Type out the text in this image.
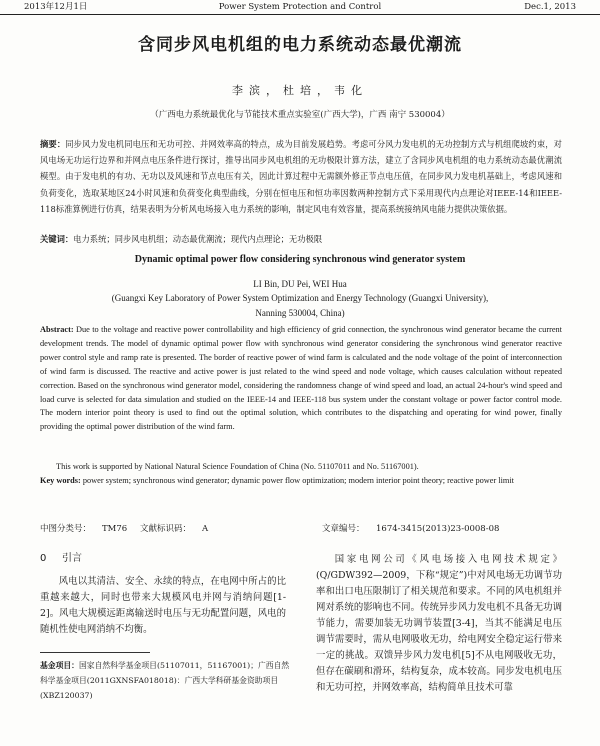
Power System Protection and Control
2013年12月1日	Dec.1, 2013
含同步风电机组的电力系统动态最优潮流
李滨，杜培，韦化
（广西电力系统最优化与节能技术重点实验室(广西大学)，广西 南宁 530004）
摘要：同步风力发电机同电压和无功可控、并网效率高的特点，成为目前发展趋势。考虑可分风力发电机的无功控制方式与机组爬坡约束，对风电场无功运行边界和并网点电压条件进行探讨，推导出同步风电机组的无功极限计算方法，建立了含同步风电机组的电力系统动态最优潮流模型。由于发电机的有功、无功以及风速和节点电压有关，因此计算过程中无需额外修正节点电压值，在同步风力发电机基础上，考虑风速和负荷变化，选取某地区24小时风速和负荷变化典型曲线，分别在恒电压和恒功率因数两种控制方式下采用现代内点理论对IEEE-14和IEEE-118标准算例进行仿真，结果表明为分析风电场接入电力系统的影响，制定风电有效容量，提高系统接纳风电能力提供决策依据。
关键词：电力系统；同步风电机组；动态最优潮流；现代内点理论；无功极限
Dynamic optimal power flow considering synchronous wind generator system
LI Bin, DU Pei, WEI Hua
(Guangxi Key Laboratory of Power System Optimization and Energy Technology (Guangxi University),
Nanning 530004, China)
Abstract: Due to the voltage and reactive power controllability and high efficiency of grid connection, the synchronous wind generator became the current development trends. The model of dynamic optimal power flow with synchronous wind generator considering the synchronous wind generator reactive power control style and ramp rate is presented. The border of reactive power of wind farm is calculated and the node voltage of the point of interconnection of wind farm is discussed. The reactive and active power is just related to the wind speed and node voltage, which causes calculation without repeated correction. Based on the synchronous wind generator model, considering the randomness change of wind speed and load, an actual 24-hour's wind speed and load curve is selected for data simulation and studied on the IEEE-14 and IEEE-118 bus system under the constant voltage or power factor control mode. The modern interior point theory is used to find out the optimal solution, which contributes to the dispatching and operating for wind power, finally providing the optimal power distribution of the wind farm.
This work is supported by National Natural Science Foundation of China (No. 51107011 and No. 51167001).
Key words: power system; synchronous wind generator; dynamic power flow optimization; modern interior point theory; reactive power limit
中图分类号： TM76 文献标识码： A	文章编号： 1674-3415(2013)23-0008-08
0 引言

风电以其清洁、安全、永续的特点，在电网中所占的比重越来越大，同时也带来大规模风电并网与消纳问题[1-2]。风电大规模远距离输送时电压与无功配置问题，风电的随机性使电网消纳不均衡。

国家电网公司《风电场接入电网技术规定》(Q/GDW392—2009，下称“规定”)中对风电场无功调节功率和出口电压限制订了相关规范和要求。不同的风电机组并网对系统的影响也不同。传统异步风力发电机不具备无功调节能力，需要加装无功调节装置[3-4]，当其不能满足电压调节需要时，需从电网吸收无功，给电网安全稳定运行带来一定的挑战。双馈异步风力发电机[5]不从电网吸收无功，但存在碳刷和滑环，结构复杂，成本较高。同步发电机电压和无功可控，并网效率高，结构简单且技术可靠

基金项目：国家自然科学基金项目(51107011，51167001)；广西自然科学基金项目(2011GXNSFA018018)：广西大学科研基金资助项目(XBZ120037)
